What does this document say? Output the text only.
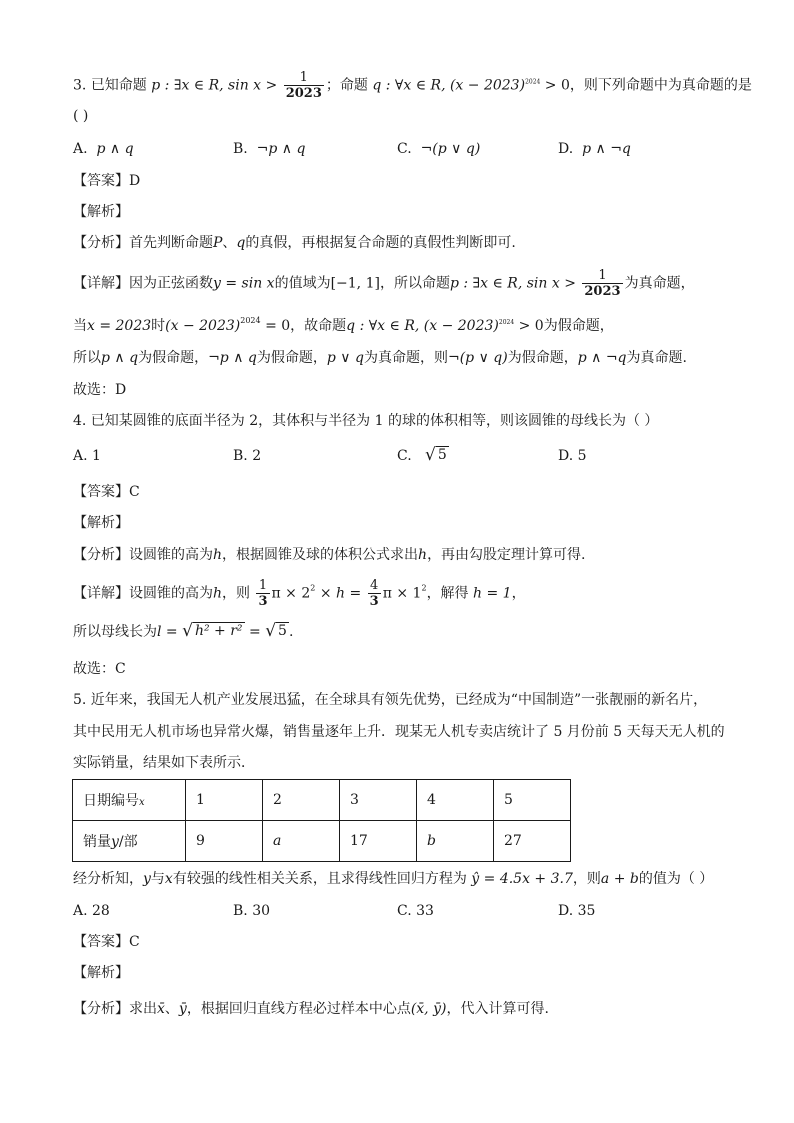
3. 已知命题 p : ∃x ∈ R, $\sin x > \frac{1}{2023}$ ；命题 q : ∀x ∈ R, $(x - 2023)^{2024} > 0$，则下列命题中为真命题的是
( )
A. p ∧ q	B. ¬p ∧ q	C. ¬(p ∨ q)	D. p ∧ ¬q
【答案】D
【解析】
【分析】首先判断命题P、q的真假，再根据复合命题的真假性判断即可.
【详解】因为正弦函数y = sin x的值域为[−1, 1]，所以命题p : ∃x ∈ R, $\sin x > \frac{1}{2023}$ 为真命题，
当x = 2023时$(x - 2023)^{2024} = 0$，故命题q : ∀x ∈ R, $(x - 2023)^{2024} > 0$为假命题，
所以p ∧ q为假命题，¬p ∧ q为假命题，p ∨ q为真命题，则¬(p ∨ q)为假命题，p ∧ ¬q为真命题.
故选：D
4. 已知某圆锥的底面半径为 2，其体积与半径为 1 的球的体积相等，则该圆锥的母线长为（ ）
A. 1	B. 2	C. √ 5	D. 5
【答案】C
【解析】
【分析】设圆锥的高为h，根据圆锥及球的体积公式求出h，再由勾股定理计算可得.
【详解】设圆锥的高为h，则 $\frac{1}{3}$ $\pi \times 2^2 \times h = \frac{4}{3}$ $\pi \times 1^2$，解得 h = 1，
所以母线长为l = √ h² + r² = √ 5 .
故选：C
5. 近年来，我国无人机产业发展迅猛，在全球具有领先优势，已经成为“中国制造”一张靓丽的新名片，
其中民用无人机市场也异常火爆，销售量逐年上升．现某无人机专卖店统计了 5 月份前 5 天每天无人机的
实际销量，结果如下表所示．
日期编号x	1	2	3	4	5
销量y/部	9	a	17	b	27
经分析知，y与x有较强的线性相关关系，且求得线性回归方程为 ŷ = 4.5x + 3.7，则a + b的值为（ ）
A. 28	B. 30	C. 33	D. 35
【答案】C
【解析】
【分析】求出x̄、ȳ，根据回归直线方程必过样本中心点(x̄, ȳ)，代入计算可得.
